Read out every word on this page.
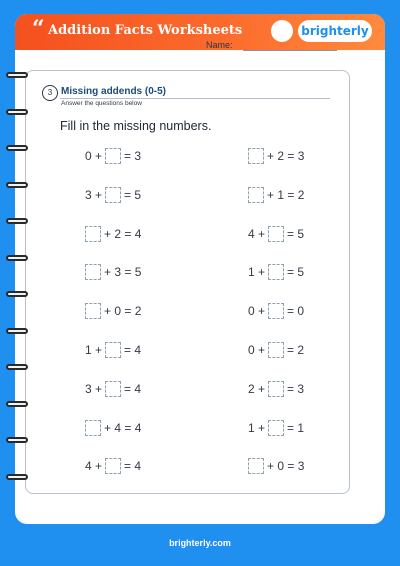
“ Addition Facts Worksheets	brighterly
Name:
3 Missing addends (0-5)
Answer the questions below
Fill in the missing numbers.
0 + = 3
3 + = 5
+ 2 = 4
+ 3 = 5
+ 0 = 2
1 + = 4
3 + = 4
+ 4 = 4
4 + = 4
+ 2 = 3
+ 1 = 2
4 + = 5
1 + = 5
0 + = 0
0 + = 2
2 + = 3
1 + = 1
+ 0 = 3
brighterly.com
